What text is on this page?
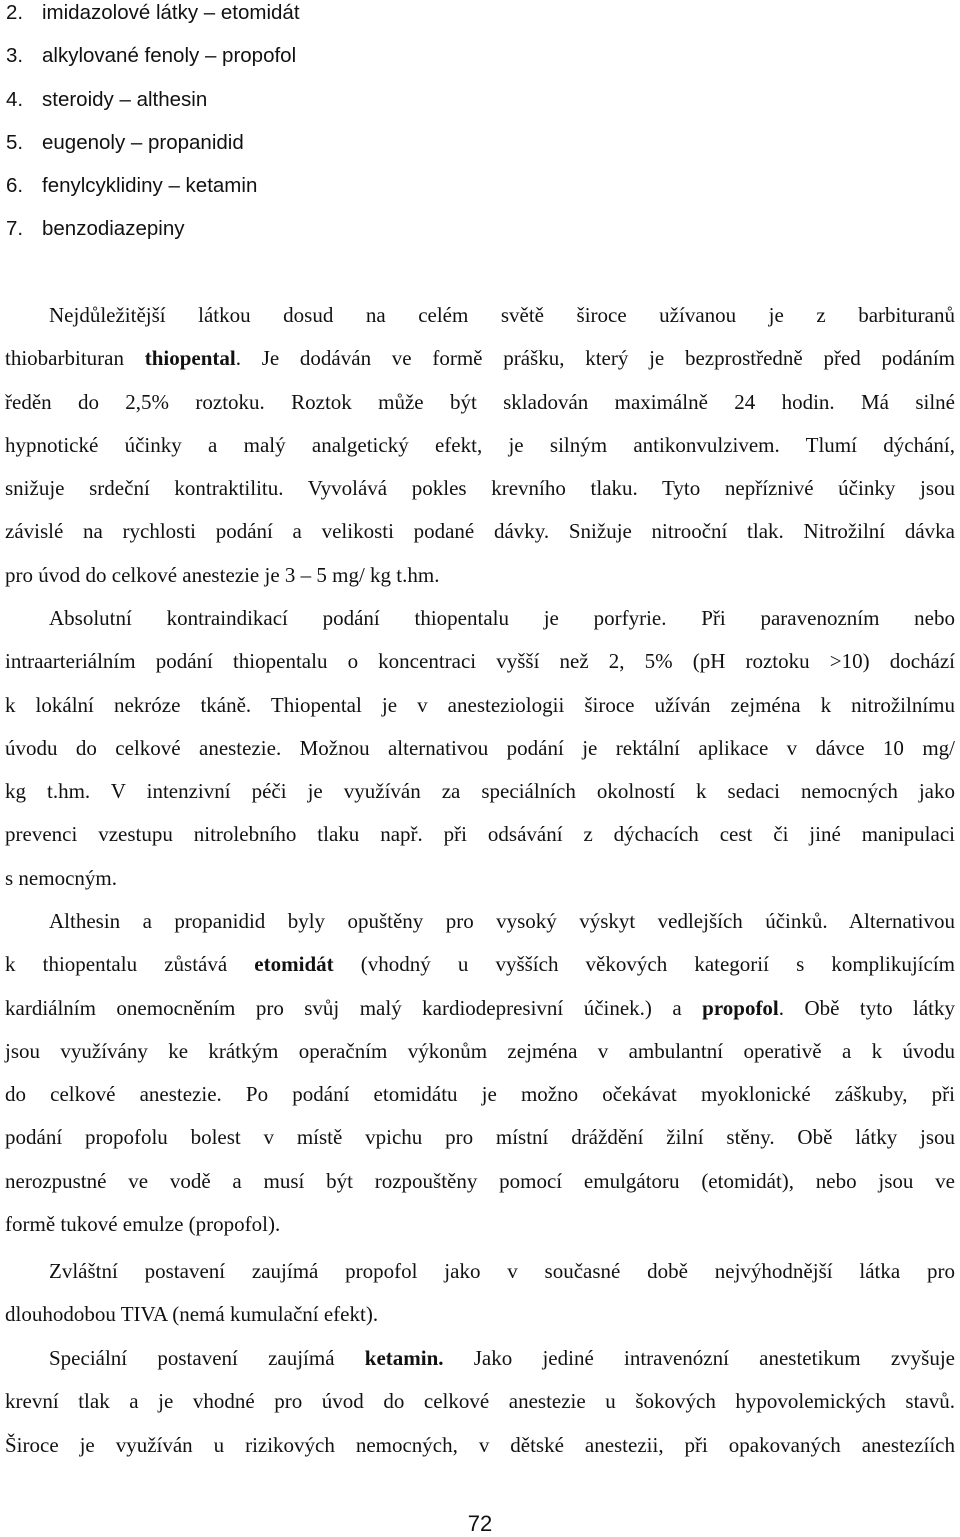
2. imidazolové látky – etomidát
3. alkylované fenoly – propofol
4. steroidy – althesin
5. eugenoly – propanidid
6. fenylcyklidiny – ketamin
7. benzodiazepiny
Nejdůležitější látkou dosud na celém světě široce užívanou je z barbituranů
thiobarbituran thiopental. Je dodáván ve formě prášku, který je bezprostředně před podáním
ředěn do 2,5% roztoku. Roztok může být skladován maximálně 24 hodin. Má silné
hypnotické účinky a malý analgetický efekt, je silným antikonvulzivem. Tlumí dýchání,
snižuje srdeční kontraktilitu. Vyvolává pokles krevního tlaku. Tyto nepříznivé účinky jsou
závislé na rychlosti podání a velikosti podané dávky. Snižuje nitrooční tlak. Nitrožilní dávka
pro úvod do celkové anestezie je 3 – 5 mg/ kg t.hm.
Absolutní kontraindikací podání thiopentalu je porfyrie. Při paravenozním nebo
intraarteriálním podání thiopentalu o koncentraci vyšší než 2, 5% (pH roztoku >10) dochází
k lokální nekróze tkáně. Thiopental je v anesteziologii široce užíván zejména k nitrožilnímu
úvodu do celkové anestezie. Možnou alternativou podání je rektální aplikace v dávce 10 mg/
kg t.hm. V intenzivní péči je využíván za speciálních okolností k sedaci nemocných jako
prevenci vzestupu nitrolebního tlaku např. při odsávání z dýchacích cest či jiné manipulaci
s nemocným.
Althesin a propanidid byly opuštěny pro vysoký výskyt vedlejších účinků. Alternativou
k thiopentalu zůstává etomidát (vhodný u vyšších věkových kategorií s komplikujícím
kardiálním onemocněním pro svůj malý kardiodepresivní účinek.) a propofol. Obě tyto látky
jsou využívány ke krátkým operačním výkonům zejména v ambulantní operativě a k úvodu
do celkové anestezie. Po podání etomidátu je možno očekávat myoklonické záškuby, při
podání propofolu bolest v místě vpichu pro místní dráždění žilní stěny. Obě látky jsou
nerozpustné ve vodě a musí být rozpouštěny pomocí emulgátoru (etomidát), nebo jsou ve
formě tukové emulze (propofol).
Zvláštní postavení zaujímá propofol jako v současné době nejvýhodnější látka pro
dlouhodobou TIVA (nemá kumulační efekt).
Speciální postavení zaujímá ketamin. Jako jediné intravenózní anestetikum zvyšuje
krevní tlak a je vhodné pro úvod do celkové anestezie u šokových hypovolemických stavů.
Široce je využíván u rizikových nemocných, v dětské anestezii, při opakovaných anestezíích
72
